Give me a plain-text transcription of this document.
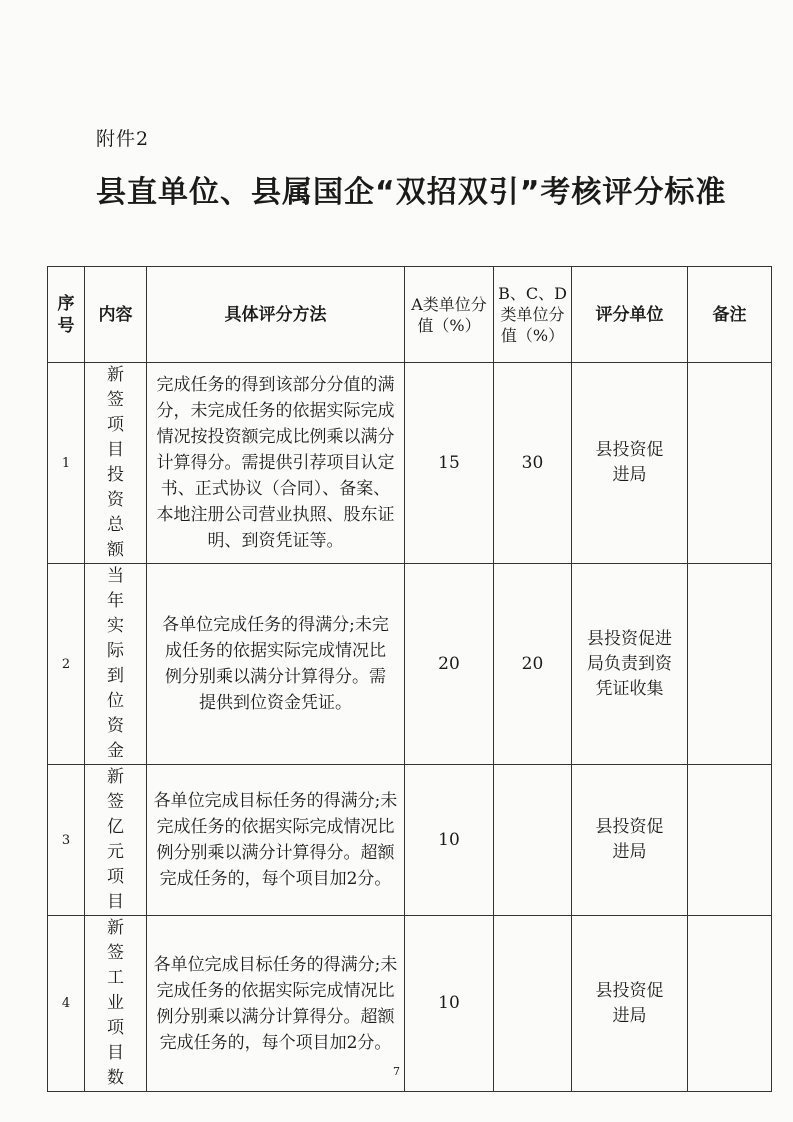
附件2
县直单位、县属国企“双招双引”考核评分标准
序号	内容	具体评分方法	A类单位分值（%）	B、C、D类单位分值（%）	评分单位	备注
1	新签项目投资总额	完成任务的得到该部分分值的满分，未完成任务的依据实际完成情况按投资额完成比例乘以满分计算得分。需提供引荐项目认定书、正式协议（合同）、备案、本地注册公司营业执照、股东证明、到资凭证等。	15	30	县投资促进局	
2	当年实际到位资金	各单位完成任务的得满分;未完成任务的依据实际完成情况比例分别乘以满分计算得分。需提供到位资金凭证。	20	20	县投资促进局负责到资凭证收集	
3	新签亿元项目	各单位完成目标任务的得满分;未完成任务的依据实际完成情况比例分别乘以满分计算得分。超额完成任务的，每个项目加2分。	10		县投资促进局	
4	新签工业项目数	各单位完成目标任务的得满分;未完成任务的依据实际完成情况比例分别乘以满分计算得分。超额完成任务的，每个项目加2分。	10		县投资促进局	
7
